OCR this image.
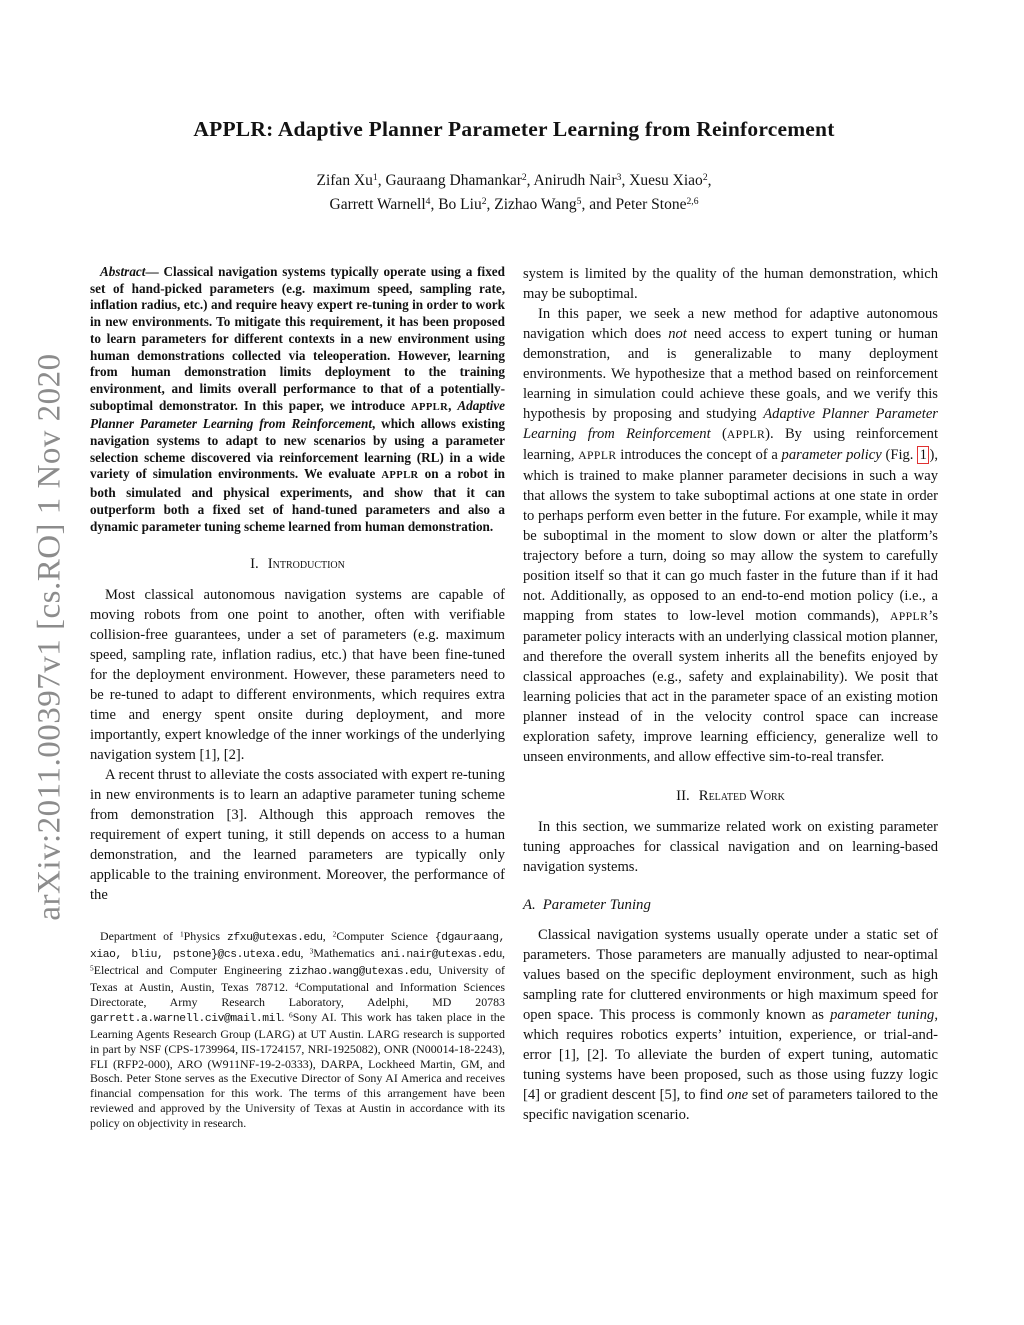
arXiv:2011.00397v1 [cs.RO] 1 Nov 2020
APPLR: Adaptive Planner Parameter Learning from Reinforcement
Zifan Xu$^1$, Gauraang Dhamankar$^2$, Anirudh Nair$^3$, Xuesu Xiao$^2$,
Garrett Warnell$^4$, Bo Liu$^2$, Zizhao Wang$^5$, and Peter Stone$^{2,6}$

Abstract— Classical navigation systems typically operate using a fixed set of hand-picked parameters (e.g. maximum speed, sampling rate, inflation radius, etc.) and require heavy expert re-tuning in order to work in new environments. To mitigate this requirement, it has been proposed to learn parameters for different contexts in a new environment using human demonstrations collected via teleoperation. However, learning from human demonstration limits deployment to the training environment, and limits overall performance to that of a potentially-suboptimal demonstrator. In this paper, we introduce APPLR, Adaptive Planner Parameter Learning from Reinforcement, which allows existing navigation systems to adapt to new scenarios by using a parameter selection scheme discovered via reinforcement learning (RL) in a wide variety of simulation environments. We evaluate APPLR on a robot in both simulated and physical experiments, and show that it can outperform both a fixed set of hand-tuned parameters and also a dynamic parameter tuning scheme learned from human demonstration.

I. Introduction

Most classical autonomous navigation systems are capable of moving robots from one point to another, often with verifiable collision-free guarantees, under a set of parameters (e.g. maximum speed, sampling rate, inflation radius, etc.) that have been fine-tuned for the deployment environment. However, these parameters need to be re-tuned to adapt to different environments, which requires extra time and energy spent onsite during deployment, and more importantly, expert knowledge of the inner workings of the underlying navigation system [1], [2].

A recent thrust to alleviate the costs associated with expert re-tuning in new environments is to learn an adaptive parameter tuning scheme from demonstration [3]. Although this approach removes the requirement of expert tuning, it still depends on access to a human demonstration, and the learned parameters are typically only applicable to the training environment. Moreover, the performance of the

Department of $^1$Physics zfxu@utexas.edu, $^2$Computer Science {dgauraang, xiao, bliu, pstone}@cs.utexa.edu, $^3$Mathematics ani.nair@utexas.edu, $^5$Electrical and Computer Engineering zizhao.wang@utexas.edu, University of Texas at Austin, Austin, Texas 78712. $^4$Computational and Information Sciences Directorate, Army Research Laboratory, Adelphi, MD 20783 garrett.a.warnell.civ@mail.mil. $^6$Sony AI. This work has taken place in the Learning Agents Research Group (LARG) at UT Austin. LARG research is supported in part by NSF (CPS-1739964, IIS-1724157, NRI-1925082), ONR (N00014-18-2243), FLI (RFP2-000), ARO (W911NF-19-2-0333), DARPA, Lockheed Martin, GM, and Bosch. Peter Stone serves as the Executive Director of Sony AI America and receives financial compensation for this work. The terms of this arrangement have been reviewed and approved by the University of Texas at Austin in accordance with its policy on objectivity in research.

system is limited by the quality of the human demonstration, which may be suboptimal.

In this paper, we seek a new method for adaptive autonomous navigation which does not need access to expert tuning or human demonstration, and is generalizable to many deployment environments. We hypothesize that a method based on reinforcement learning in simulation could achieve these goals, and we verify this hypothesis by proposing and studying Adaptive Planner Parameter Learning from Reinforcement (APPLR). By using reinforcement learning, APPLR introduces the concept of a parameter policy (Fig. 1 ), which is trained to make planner parameter decisions in such a way that allows the system to take suboptimal actions at one state in order to perhaps perform even better in the future. For example, while it may be suboptimal in the moment to slow down or alter the platform’s trajectory before a turn, doing so may allow the system to carefully position itself so that it can go much faster in the future than if it had not. Additionally, as opposed to an end-to-end motion policy (i.e., a mapping from states to low-level motion commands), APPLR’s parameter policy interacts with an underlying classical motion planner, and therefore the overall system inherits all the benefits enjoyed by classical approaches (e.g., safety and explainability). We posit that learning policies that act in the parameter space of an existing motion planner instead of in the velocity control space can increase exploration safety, improve learning efficiency, generalize well to unseen environments, and allow effective sim-to-real transfer.

II. Related Work

In this section, we summarize related work on existing parameter tuning approaches for classical navigation and on learning-based navigation systems.

A. Parameter Tuning

Classical navigation systems usually operate under a static set of parameters. Those parameters are manually adjusted to near-optimal values based on the specific deployment environment, such as high sampling rate for cluttered environments or high maximum speed for open space. This process is commonly known as parameter tuning, which requires robotics experts’ intuition, experience, or trial-and-error [1], [2]. To alleviate the burden of expert tuning, automatic tuning systems have been proposed, such as those using fuzzy logic [4] or gradient descent [5], to find one set of parameters tailored to the specific navigation scenario.
